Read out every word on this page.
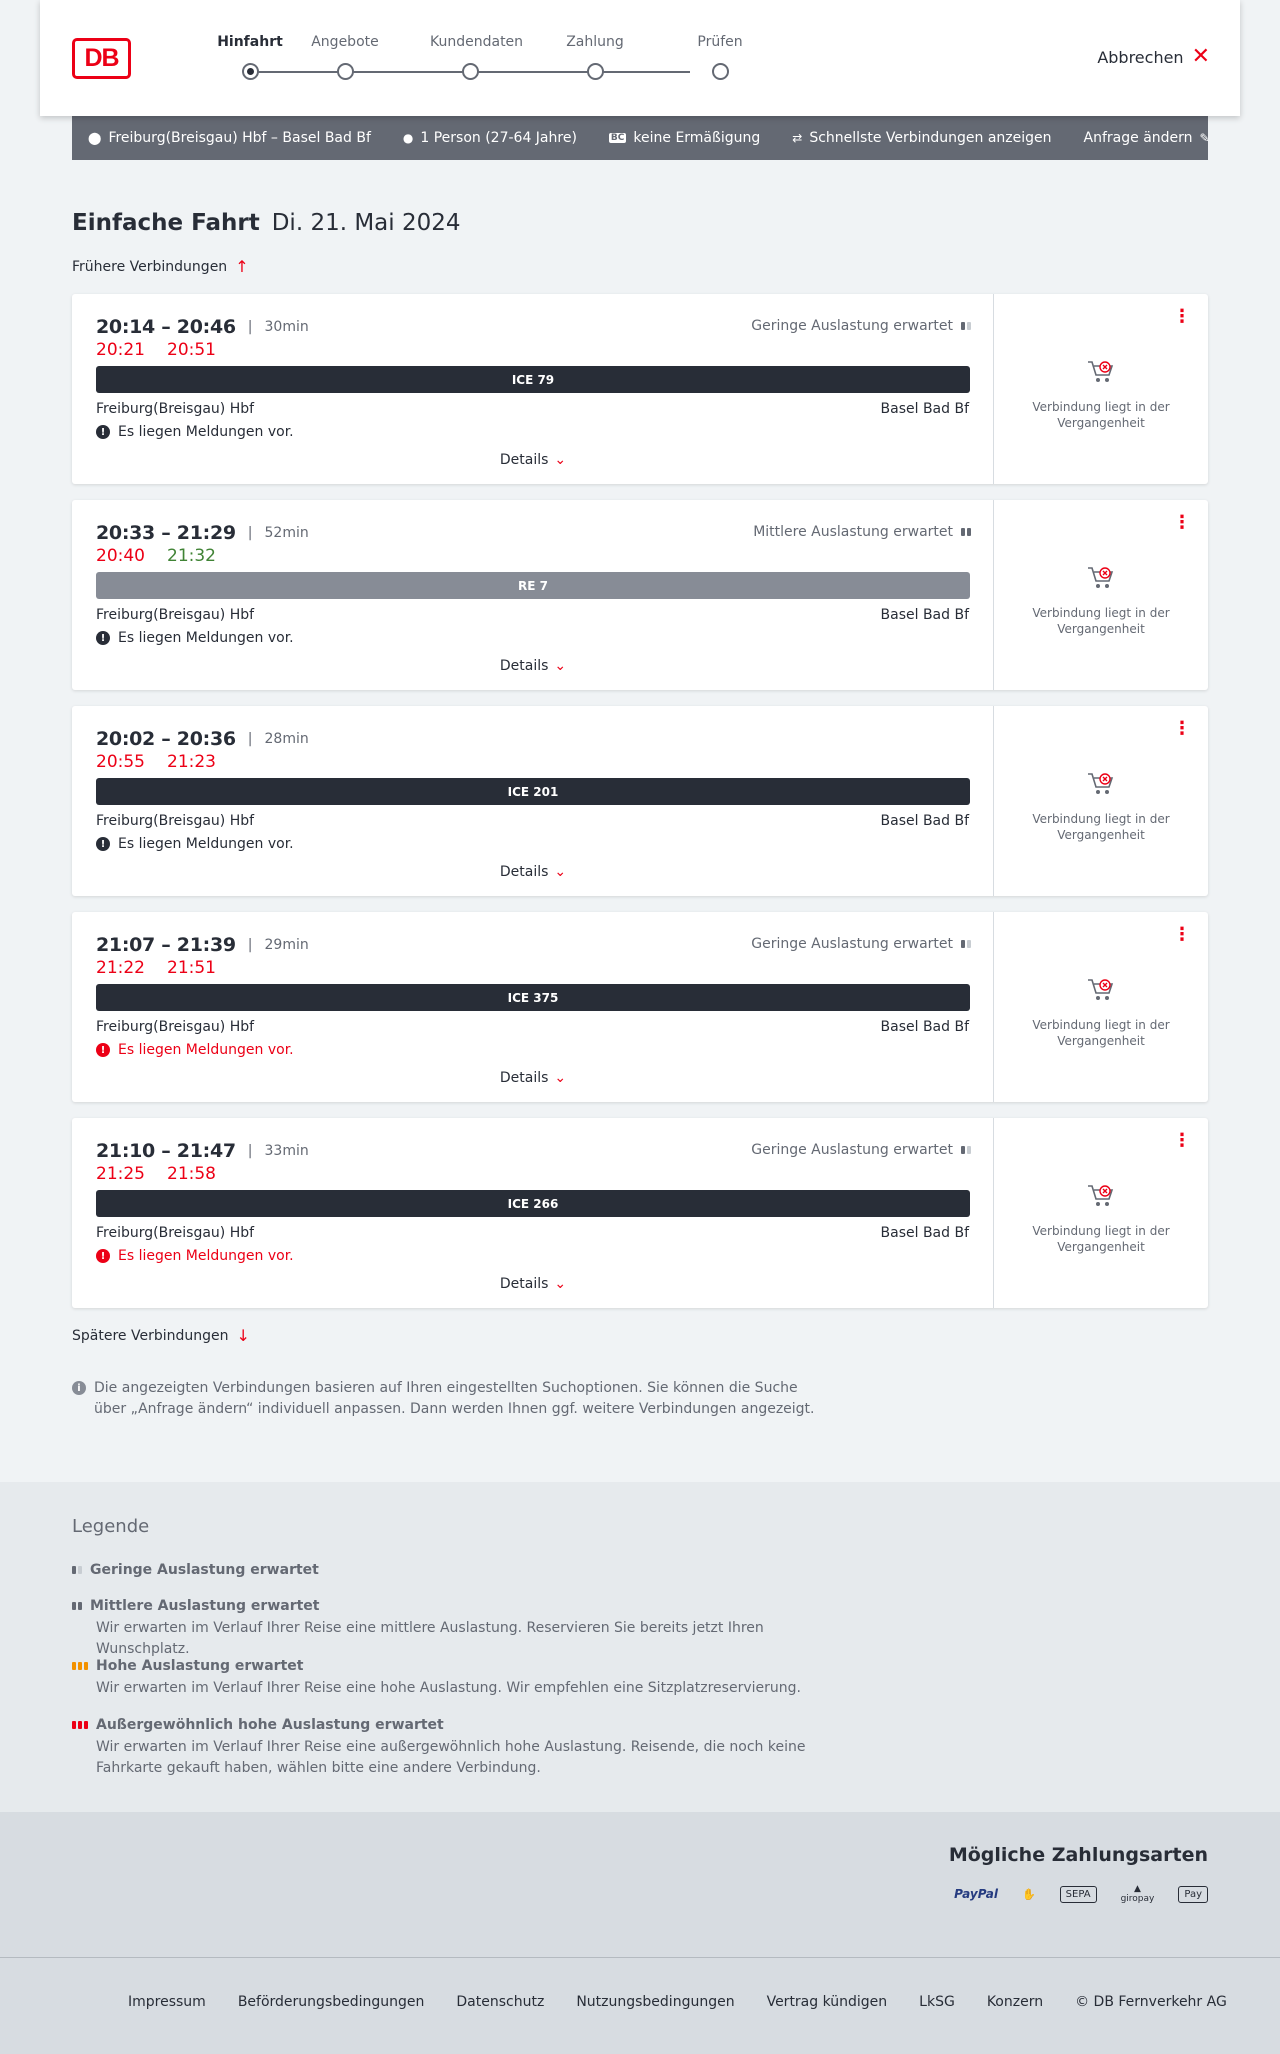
DB
Hinfahrt	Angebote	Kundendaten	Zahlung	Prüfen
Abbrechen ✕
⬤ Freiburg(Breisgau) Hbf – Basel Bad Bf	● 1 Person (27-64 Jahre)	BC keine Ermäßigung	⇄ Schnellste Verbindungen anzeigen Anfrage ändern ✎
Einfache Fahrt Di. 21. Mai 2024
Frühere Verbindungen ↑
20:14 – 20:46 | 30min	Geringe Auslastung erwartet
20:21 20:51
ICE 79
Freiburg(Breisgau) Hbf	Basel Bad Bf
! Es liegen Meldungen vor.
Details ⌄
⋮
Verbindung liegt in der Vergangenheit
20:33 – 21:29 | 52min	Mittlere Auslastung erwartet
20:40 21:32
RE 7
Freiburg(Breisgau) Hbf	Basel Bad Bf
! Es liegen Meldungen vor.
Details ⌄
⋮
Verbindung liegt in der Vergangenheit
20:02 – 20:36 | 28min
20:55 21:23
ICE 201
Freiburg(Breisgau) Hbf	Basel Bad Bf
! Es liegen Meldungen vor.
Details ⌄
⋮
Verbindung liegt in der Vergangenheit
21:07 – 21:39 | 29min	Geringe Auslastung erwartet
21:22 21:51
ICE 375
Freiburg(Breisgau) Hbf	Basel Bad Bf
! Es liegen Meldungen vor.
Details ⌄
⋮
Verbindung liegt in der Vergangenheit
21:10 – 21:47 | 33min	Geringe Auslastung erwartet
21:25 21:58
ICE 266
Freiburg(Breisgau) Hbf	Basel Bad Bf
! Es liegen Meldungen vor.
Details ⌄
⋮
Verbindung liegt in der Vergangenheit
Spätere Verbindungen ↓
i Die angezeigten Verbindungen basieren auf Ihren eingestellten Suchoptionen. Sie können die Suche über „Anfrage ändern“ individuell anpassen. Dann werden Ihnen ggf. weitere Verbindungen angezeigt.
Legende
Geringe Auslastung erwartet
Mittlere Auslastung erwartet
Wir erwarten im Verlauf Ihrer Reise eine mittlere Auslastung. Reservieren Sie bereits jetzt Ihren Wunschplatz.
Hohe Auslastung erwartet
Wir erwarten im Verlauf Ihrer Reise eine hohe Auslastung. Wir empfehlen eine Sitzplatzreservierung.
Außergewöhnlich hohe Auslastung erwartet
Wir erwarten im Verlauf Ihrer Reise eine außergewöhnlich hohe Auslastung. Reisende, die noch keine Fahrkarte gekauft haben, wählen bitte eine andere Verbindung.
Mögliche Zahlungsarten
PayPal ✋	SEPA	▲
giropay	Pay
Impressum Beförderungsbedingungen Datenschutz Nutzungsbedingungen Vertrag kündigen LkSG Konzern © DB Fernverkehr AG
